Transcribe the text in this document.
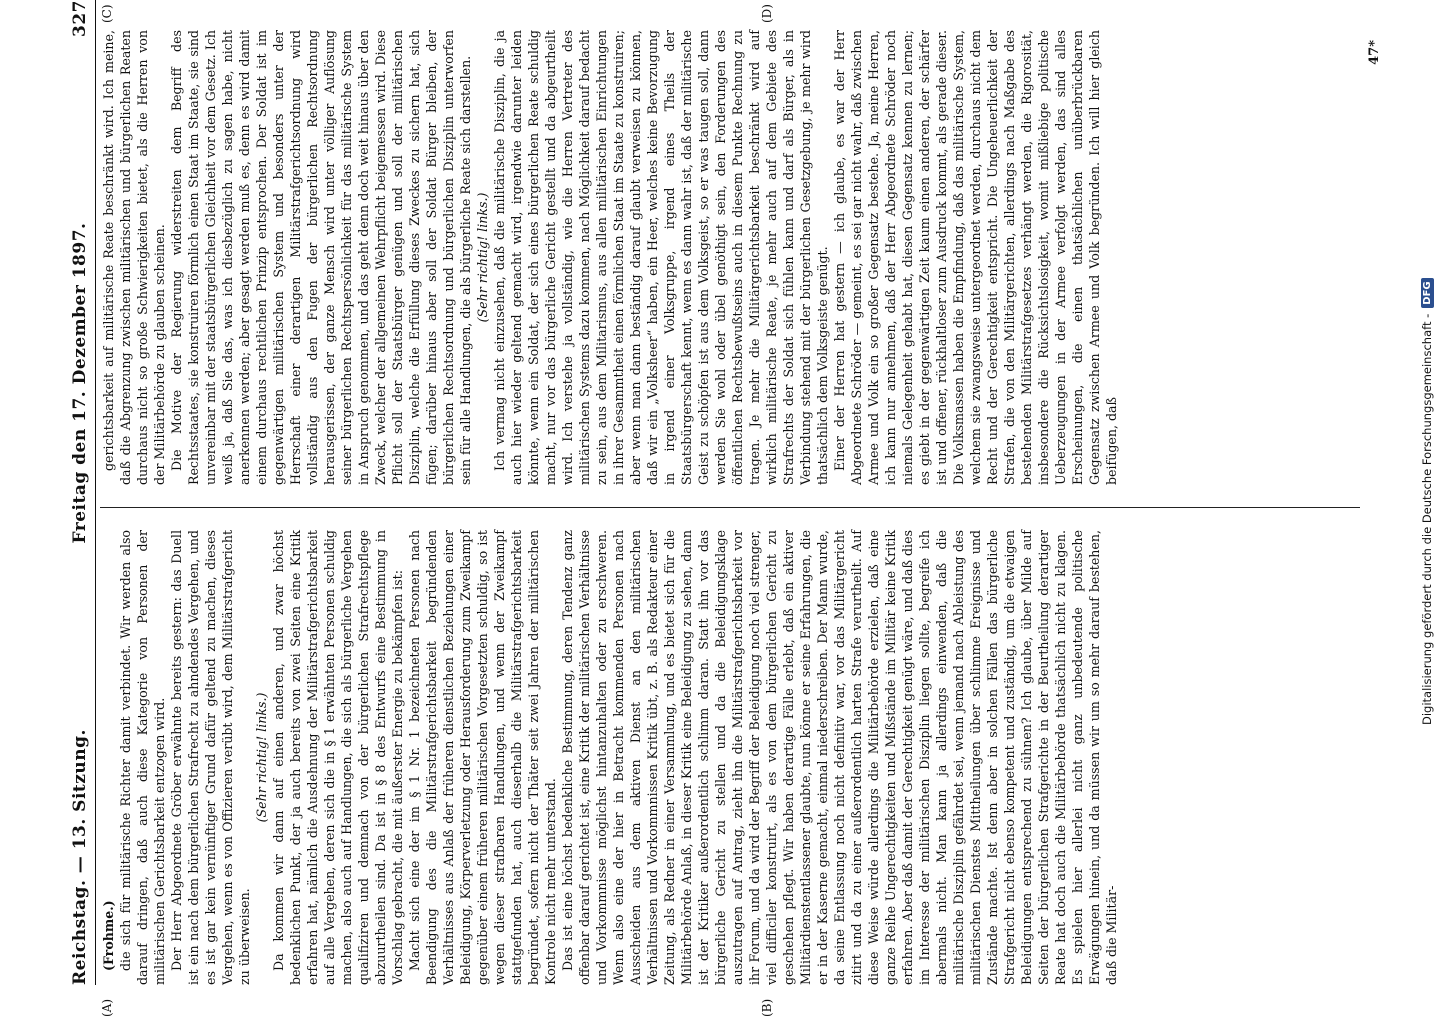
Reichstag. — 13. Sitzung.
Freitag den 17. Dezember 1897.
327

(Frohme.) die sich für militärische Richter damit verbindet. Wir werden also darauf dringen, daß auch diese Kategorie von Personen der militärischen Gerichtsbarkeit entzogen wird. Der Herr Abgeordnete Gröber erwähnte bereits gestern: das Duell ist ein nach dem bürgerlichen Strafrecht zu ahndendes Vergehen, und es ist gar kein vernünftiger Grund dafür geltend zu machen, dieses Vergehen, wenn es von Offizieren verübt wird, dem Militärstrafgericht zu überweisen.

(Sehr richtig! links.) Da kommen wir dann auf einen anderen, und zwar höchst bedenklichen Punkt, der ja auch bereits von zwei Seiten eine Kritik erfahren hat, nämlich die Ausdehnung der Militärstrafgerichtsbarkeit auf alle Vergehen, deren sich die in § 1 erwähnten Personen schuldig machen, also auch auf Handlungen, die sich als bürgerliche Vergehen qualifiziren und demnach von der bürgerlichen Strafrechtspflege abzuurtheilen sind. Da ist in § 8 des Entwurfs eine Bestimmung in Vorschlag gebracht, die mit äußerster Energie zu bekämpfen ist: Macht sich eine der im § 1 Nr. 1 bezeichneten Personen nach Beendigung des die Militärstrafgerichtsbarkeit begründenden Verhältnisses aus Anlaß der früheren dienstlichen Beziehungen einer Beleidigung, Körperverletzung oder Herausforderung zum Zweikampf gegenüber einem früheren militärischen Vorgesetzten schuldig, so ist wegen dieser strafbaren Handlungen, und wenn der Zweikampf stattgefunden hat, auch dieserhalb die Militärstrafgerichtsbarkeit begründet, sofern nicht der Thäter seit zwei Jahren der militärischen Kontrole nicht mehr unterstand. Das ist eine höchst bedenkliche Bestimmung, deren Tendenz ganz offenbar darauf gerichtet ist, eine Kritik der militärischen Verhältnisse und Vorkommnisse möglichst hintanzuhalten oder zu erschweren. Wenn also eine der hier in Betracht kommenden Personen nach Ausscheiden aus dem aktiven Dienst an den militärischen Verhältnissen und Vorkommnissen Kritik übt, z. B. als Redakteur einer Zeitung, als Redner in einer Versammlung, und es bietet sich für die Militärbehörde Anlaß, in dieser Kritik eine Beleidigung zu sehen, dann ist der Kritiker außerordentlich schlimm daran. Statt ihn vor das bürgerliche Gericht zu stellen und da die Beleidigungsklage auszutragen auf Antrag, zieht ihn die Militärstrafgerichtsbarkeit vor ihr Forum, und da wird der Begriff der Beleidigung noch viel strenger, viel difficiler konstruirt, als es von dem bürgerlichen Gericht zu geschehen pflegt. Wir haben derartige Fälle erlebt, daß ein aktiver Militärdienstentlassener glaubte, nun könne er seine Erfahrungen, die er in der Kaserne gemacht, einmal niederschreiben. Der Mann wurde, da seine Entlassung noch nicht definitiv war, vor das Militärgericht zitirt und da zu einer außerordentlich harten Strafe verurtheilt. Auf diese Weise würde allerdings die Militärbehörde erzielen, daß eine ganze Reihe Ungerechtigkeiten und Mißstände im Militär keine Kritik erfahren. Aber daß damit der Gerechtigkeit genügt wäre, und daß dies im Interesse der militärischen Disziplin liegen sollte, begreife ich abermals nicht. Man kann ja allerdings einwenden, daß die militärische Disziplin gefährdet sei, wenn jemand nach Ableistung des militärischen Dienstes Mittheilungen über schlimme Ereignisse und Zustände machte. Ist denn aber in solchen Fällen das bürgerliche Strafgericht nicht ebenso kompetent und zuständig, um die etwaigen Beleidigungen entsprechend zu sühnen? Ich glaube, über Milde auf Seiten der bürgerlichen Strafgerichte in der Beurtheilung derartiger Reate hat doch auch die Militärbehörde thatsächlich nicht zu klagen. Es spielen hier allerlei nicht ganz unbedeutende politische Erwägungen hinein, und da müssen wir um so mehr darauf bestehen, daß die Militär-

gerichtsbarkeit auf militärische Reate beschränkt wird. Ich meine, daß die Abgrenzung zwischen militärischen und bürgerlichen Reaten durchaus nicht so große Schwierigkeiten bietet, als die Herren von der Militärbehörde zu glauben scheinen. Die Motive der Regierung widerstreiten dem Begriff des Rechtsstaates, sie konstruiren förmlich einen Staat im Staate, sie sind unvereinbar mit der staatsbürgerlichen Gleichheit vor dem Gesetz. Ich weiß ja, daß Sie das, was ich diesbezüglich zu sagen habe, nicht anerkennen werden; aber gesagt werden muß es, denn es wird damit einem durchaus rechtlichen Prinzip entsprochen. Der Soldat ist im gegenwärtigen militärischen System und besonders unter der Herrschaft einer derartigen Militärstrafgerichtsordnung wird vollständig aus den Fugen der bürgerlichen Rechtsordnung herausgerissen, der ganze Mensch wird unter völliger Auflösung seiner bürgerlichen Rechtspersönlichkeit für das militärische System in Anspruch genommen, und das geht denn doch weit hinaus über den Zweck, welcher der allgemeinen Wehrpflicht beigemessen wird. Diese Pflicht soll der Staatsbürger genügen und soll der militärischen Disziplin, welche die Erfüllung dieses Zweckes zu sichern hat, sich fügen; darüber hinaus aber soll der Soldat Bürger bleiben, der bürgerlichen Rechtsordnung und bürgerlichen Disziplin unterworfen sein für alle Handlungen, die als bürgerliche Reate sich darstellen. (Sehr richtig! links.) Ich vermag nicht einzusehen, daß die militärische Disziplin, die ja auch hier wieder geltend gemacht wird, irgendwie darunter leiden könnte, wenn ein Soldat, der sich eines bürgerlichen Reate schuldig macht, nur vor das bürgerliche Gericht gestellt und da abgeurtheilt wird. Ich verstehe ja vollständig, wie die Herren Vertreter des militärischen Systems dazu kommen, nach Möglichkeit darauf bedacht zu sein, aus dem Militarismus, aus allen militärischen Einrichtungen in ihrer Gesammtheit einen förmlichen Staat im Staate zu konstruiren; aber wenn man dann beständig darauf glaubt verweisen zu können, daß wir ein „Volksheer“ haben, ein Heer, welches keine Bevorzugung in irgend einer Volksgruppe, irgend eines Theils der Staatsbürgerschaft kennt, wenn es dann wahr ist, daß der militärische Geist zu schöpfen ist aus dem Volksgeist, so er was taugen soll, dann werden Sie wohl oder übel genöthigt sein, den Forderungen des öffentlichen Rechtsbewußtseins auch in diesem Punkte Rechnung zu tragen. Je mehr die Militärgerichtsbarkeit beschränkt wird auf wirklich militärische Reate, je mehr auch auf dem Gebiete des Strafrechts der Soldat sich fühlen kann und darf als Bürger, als in Verbindung stehend mit der bürgerlichen Gesetzgebung, je mehr wird thatsächlich dem Volksgeiste genügt. Einer der Herren hat gestern — ich glaube, es war der Herr Abgeordnete Schröder — gemeint, es sei gar nicht wahr, daß zwischen Armee und Volk ein so großer Gegensatz bestehe. Ja, meine Herren, ich kann nur annehmen, daß der Herr Abgeordnete Schröder noch niemals Gelegenheit gehabt hat, diesen Gegensatz kennen zu lernen; es giebt in der gegenwärtigen Zeit kaum einen anderen, der schärfer ist und offener, rückhaltloser zum Ausdruck kommt, als gerade dieser. Die Volksmassen haben die Empfindung, daß das militärische System, welchem sie zwangsweise untergeordnet werden, durchaus nicht dem Recht und der Gerechtigkeit entspricht. Die Ungeheuerlichkeit der Strafen, die von den Militärgerichten, allerdings nach Maßgabe des bestehenden Militärstrafgesetzes verhängt werden, die Rigorosität, insbesondere die Rücksichtslosigkeit, womit mißliebige politische Ueberzeugungen in der Armee verfolgt werden, das sind alles Erscheinungen, die einen thatsächlichen unüberbrückbaren Gegensatz zwischen Armee und Volk begründen. Ich will hier gleich beifügen, daß

(A)	(B)
(C)	(D)
47*
Digitalisierung gefördert durch die Deutsche Forschungsgemeinschaft -
DFG
